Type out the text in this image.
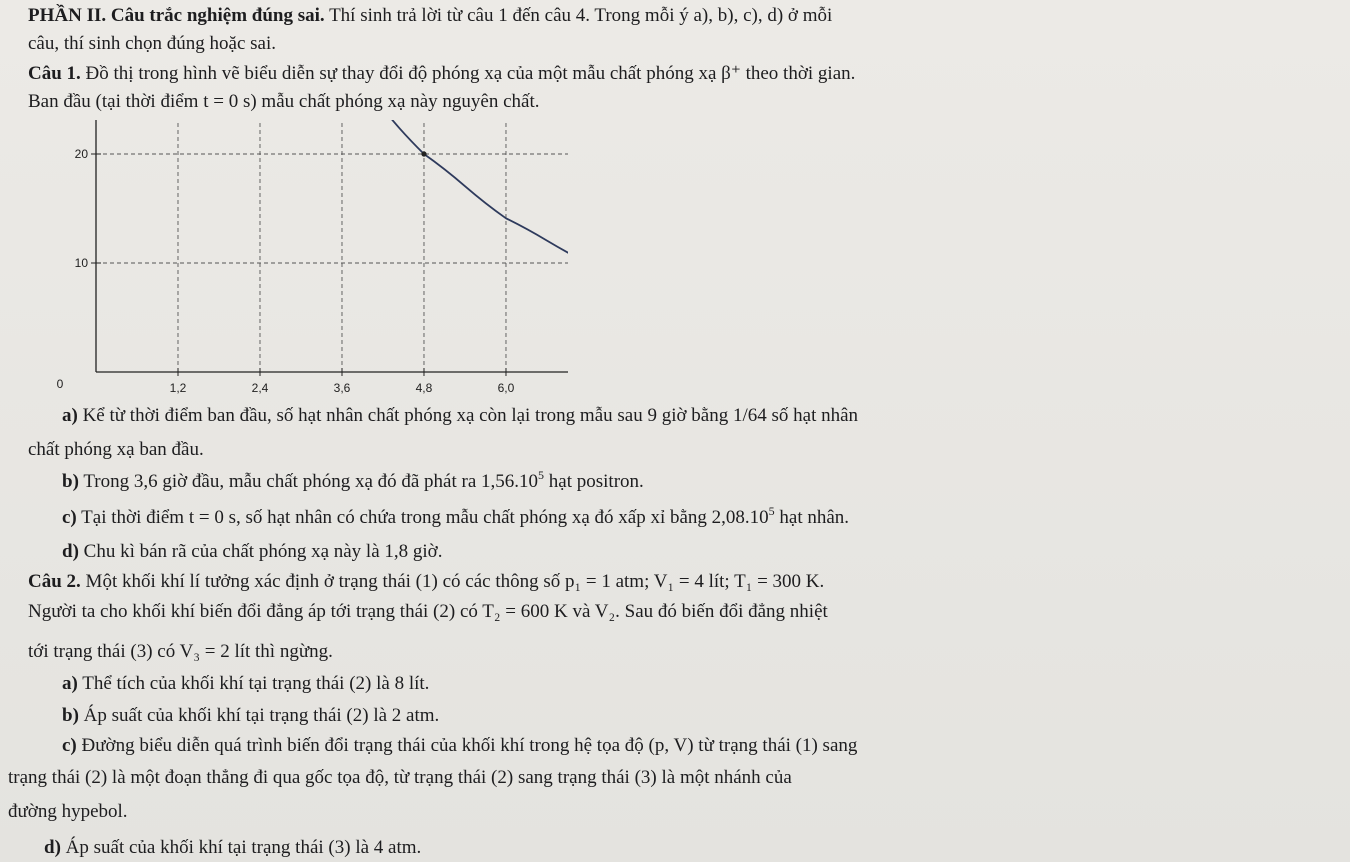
PHẦN II. Câu trắc nghiệm đúng sai. Thí sinh trả lời từ câu 1 đến câu 4. Trong mỗi ý a), b), c), d) ở mỗi
câu, thí sinh chọn đúng hoặc sai.
Câu 1. Đồ thị trong hình vẽ biểu diễn sự thay đổi độ phóng xạ của một mẫu chất phóng xạ β⁺ theo thời gian.
Ban đầu (tại thời điểm t = 0 s) mẫu chất phóng xạ này nguyên chất.
10
20
1,2	2,4	3,6	4,8	6,0
0
a) Kể từ thời điểm ban đầu, số hạt nhân chất phóng xạ còn lại trong mẫu sau 9 giờ bằng 1/64 số hạt nhân
chất phóng xạ ban đầu.
b) Trong 3,6 giờ đầu, mẫu chất phóng xạ đó đã phát ra 1,56.10$^5$ hạt positron.
c) Tại thời điểm t = 0 s, số hạt nhân có chứa trong mẫu chất phóng xạ đó xấp xỉ bằng 2,08.10$^5$ hạt nhân.
d) Chu kì bán rã của chất phóng xạ này là 1,8 giờ.
Câu 2. Một khối khí lí tưởng xác định ở trạng thái (1) có các thông số p₁ = 1 atm; V₁ = 4 lít; T₁ = 300 K.
Người ta cho khối khí biến đổi đẳng áp tới trạng thái (2) có T₂ = 600 K và V₂. Sau đó biến đổi đẳng nhiệt
tới trạng thái (3) có V₃ = 2 lít thì ngừng.
a) Thể tích của khối khí tại trạng thái (2) là 8 lít.
b) Áp suất của khối khí tại trạng thái (2) là 2 atm.
c) Đường biểu diễn quá trình biến đổi trạng thái của khối khí trong hệ tọa độ (p, V) từ trạng thái (1) sang
trạng thái (2) là một đoạn thẳng đi qua gốc tọa độ, từ trạng thái (2) sang trạng thái (3) là một nhánh của
đường hypebol.
d) Áp suất của khối khí tại trạng thái (3) là 4 atm.
